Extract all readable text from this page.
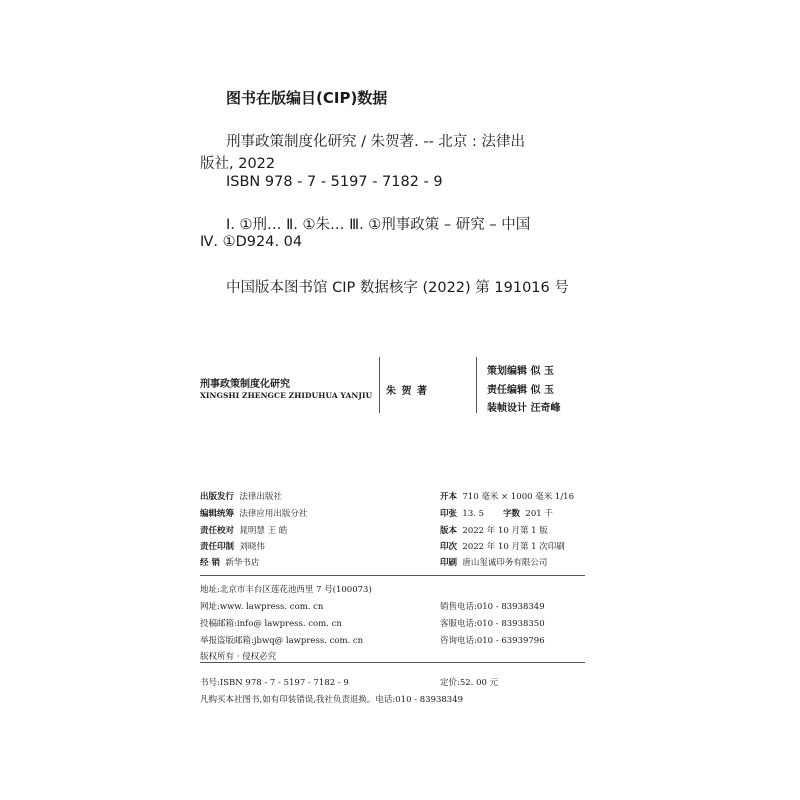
图书在版编目(CIP)数据
刑事政策制度化研究 / 朱贺著. -- 北京 : 法律出
版社, 2022
ISBN 978 - 7 - 5197 - 7182 - 9
Ⅰ. ①刑… Ⅱ. ①朱… Ⅲ. ①刑事政策 – 研究 – 中国
Ⅳ. ①D924. 04
中国版本图书馆 CIP 数据核字 (2022) 第 191016 号
刑事政策制度化研究
XINGSHI ZHENGCE ZHIDUHUA YANJIU 朱 贺 著
策划编辑 似 玉
责任编辑 似 玉
装帧设计 汪奇峰
出版发行 法律出版社
编辑统筹 法律应用出版分社
责任校对 晁明慧 王 皓
责任印制 刘晓伟
经 销 新华书店
开本 710 毫米 × 1000 毫米 1/16
印张 13. 5 字数 201 千
版本 2022 年 10 月第 1 版
印次 2022 年 10 月第 1 次印刷
印刷 唐山玺诚印务有限公司
地址:北京市丰台区莲花池西里 7 号(100073)
网址:www. lawpress. com. cn
投稿邮箱:info@ lawpress. com. cn
举报盗版邮箱:jbwq@ lawpress. com. cn
版权所有 · 侵权必究
销售电话:010 - 83938349
客服电话:010 - 83938350
咨询电话:010 - 63939796
书号:ISBN 978 - 7 - 5197 - 7182 - 9	定价:52. 00 元
凡购买本社图书,如有印装错误,我社负责退换。电话:010 - 83938349
